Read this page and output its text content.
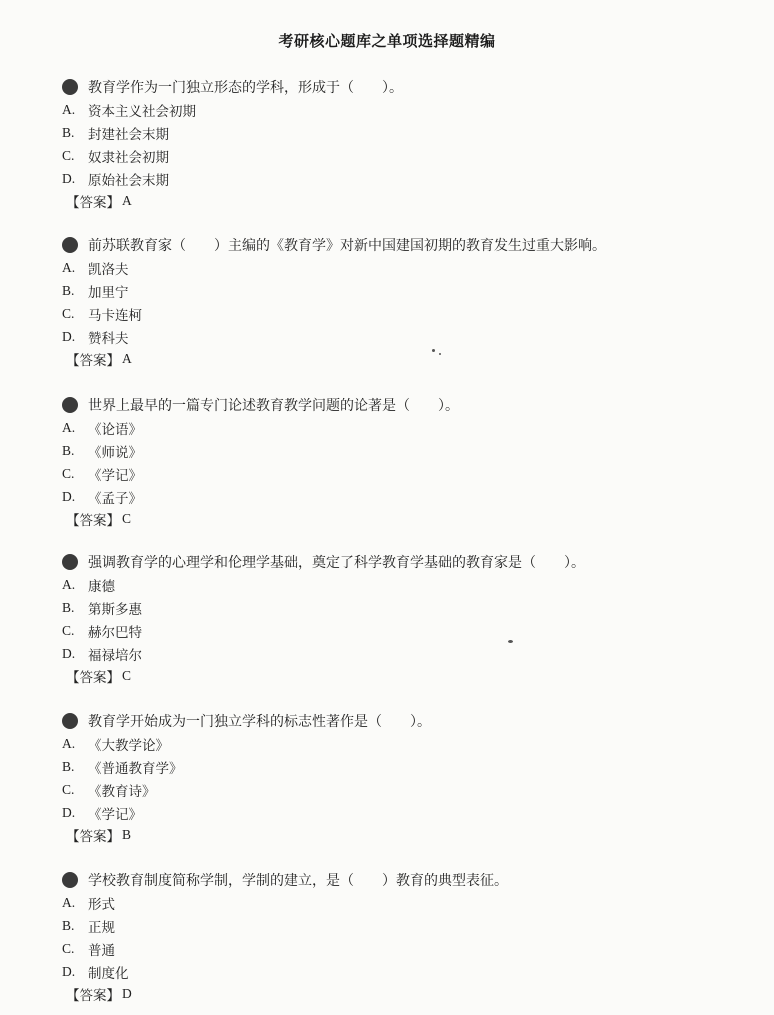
考研核心题库之单项选择题精编
教育学作为一门独立形态的学科，形成于（　　）。
A. 资本主义社会初期
B.	封建社会末期
C.	奴隶社会初期
D. 原始社会末期
【答案】 A
前苏联教育家（　　）主编的《教育学》对新中国建国初期的教育发生过重大影响。
A. 凯洛夫
B.	加里宁
C.	马卡连柯
D. 赞科夫
【答案】 A
世界上最早的一篇专门论述教育教学问题的论著是（　　）。
A. 《论语》
B.	《师说》
C.	《学记》
D. 《孟子》
【答案】 C
强调教育学的心理学和伦理学基础，奠定了科学教育学基础的教育家是（　　）。
A. 康德
B.	第斯多惠
C.	赫尔巴特
D. 福禄培尔
【答案】 C
教育学开始成为一门独立学科的标志性著作是（　　）。
A. 《大教学论》
B.	《普通教育学》
C.	《教育诗》
D. 《学记》
【答案】 B
学校教育制度简称学制，学制的建立，是（　　）教育的典型表征。
A. 形式
B.	正规
C.	普通
D. 制度化
【答案】 D
